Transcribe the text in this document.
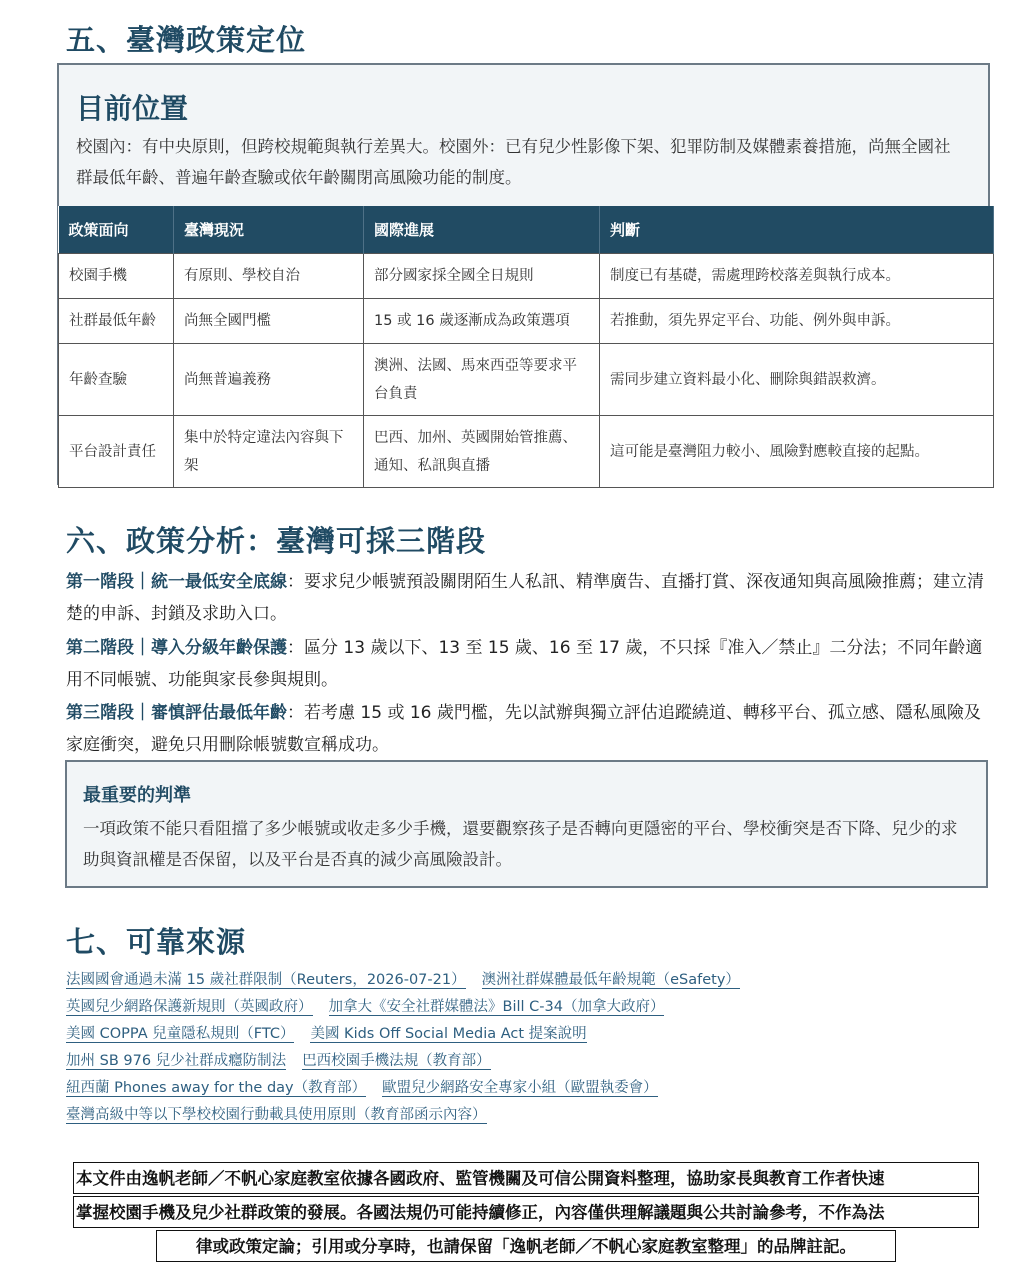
五、臺灣政策定位
目前位置
校園內：有中央原則，但跨校規範與執行差異大。校園外：已有兒少性影像下架、犯罪防制及媒體素養措施，尚無全國社群最低年齡、普遍年齡查驗或依年齡關閉高風險功能的制度。
政策面向	臺灣現況	國際進展	判斷
校園手機	有原則、學校自治	部分國家採全國全日規則	制度已有基礎，需處理跨校落差與執行成本。
社群最低年齡	尚無全國門檻	15 或 16 歲逐漸成為政策選項	若推動，須先界定平台、功能、例外與申訴。
年齡查驗	尚無普遍義務	澳洲、法國、馬來西亞等要求平台負責	需同步建立資料最小化、刪除與錯誤救濟。
平台設計責任	集中於特定違法內容與下架	巴西、加州、英國開始管推薦、通知、私訊與直播	這可能是臺灣阻力較小、風險對應較直接的起點。
六、政策分析：臺灣可採三階段

第一階段｜統一最低安全底線：要求兒少帳號預設關閉陌生人私訊、精準廣告、直播打賞、深夜通知與高風險推薦；建立清楚的申訴、封鎖及求助入口。

第二階段｜導入分級年齡保護：區分 13 歲以下、13 至 15 歲、16 至 17 歲，不只採『准入／禁止』二分法；不同年齡適用不同帳號、功能與家長參與規則。

第三階段｜審慎評估最低年齡：若考慮 15 或 16 歲門檻，先以試辦與獨立評估追蹤繞道、轉移平台、孤立感、隱私風險及家庭衝突，避免只用刪除帳號數宣稱成功。

最重要的判準
一項政策不能只看阻擋了多少帳號或收走多少手機，還要觀察孩子是否轉向更隱密的平台、學校衝突是否下降、兒少的求助與資訊權是否保留，以及平台是否真的減少高風險設計。
七、可靠來源
法國國會通過未滿 15 歲社群限制（Reuters，2026-07-21） 澳洲社群媒體最低年齡規範（eSafety）
英國兒少網路保護新規則（英國政府） 加拿大《安全社群媒體法》Bill C-34（加拿大政府）
美國 COPPA 兒童隱私規則（FTC） 美國 Kids Off Social Media Act 提案說明
加州 SB 976 兒少社群成癮防制法 巴西校園手機法規（教育部）
紐西蘭 Phones away for the day（教育部） 歐盟兒少網路安全專家小組（歐盟執委會）
臺灣高級中等以下學校校園行動載具使用原則（教育部函示內容）
本文件由逸帆老師／不帆心家庭教室依據各國政府、監管機關及可信公開資料整理，協助家長與教育工作者快速
掌握校園手機及兒少社群政策的發展。各國法規仍可能持續修正，內容僅供理解議題與公共討論參考，不作為法
律或政策定論；引用或分享時，也請保留「逸帆老師／不帆心家庭教室整理」的品牌註記。
